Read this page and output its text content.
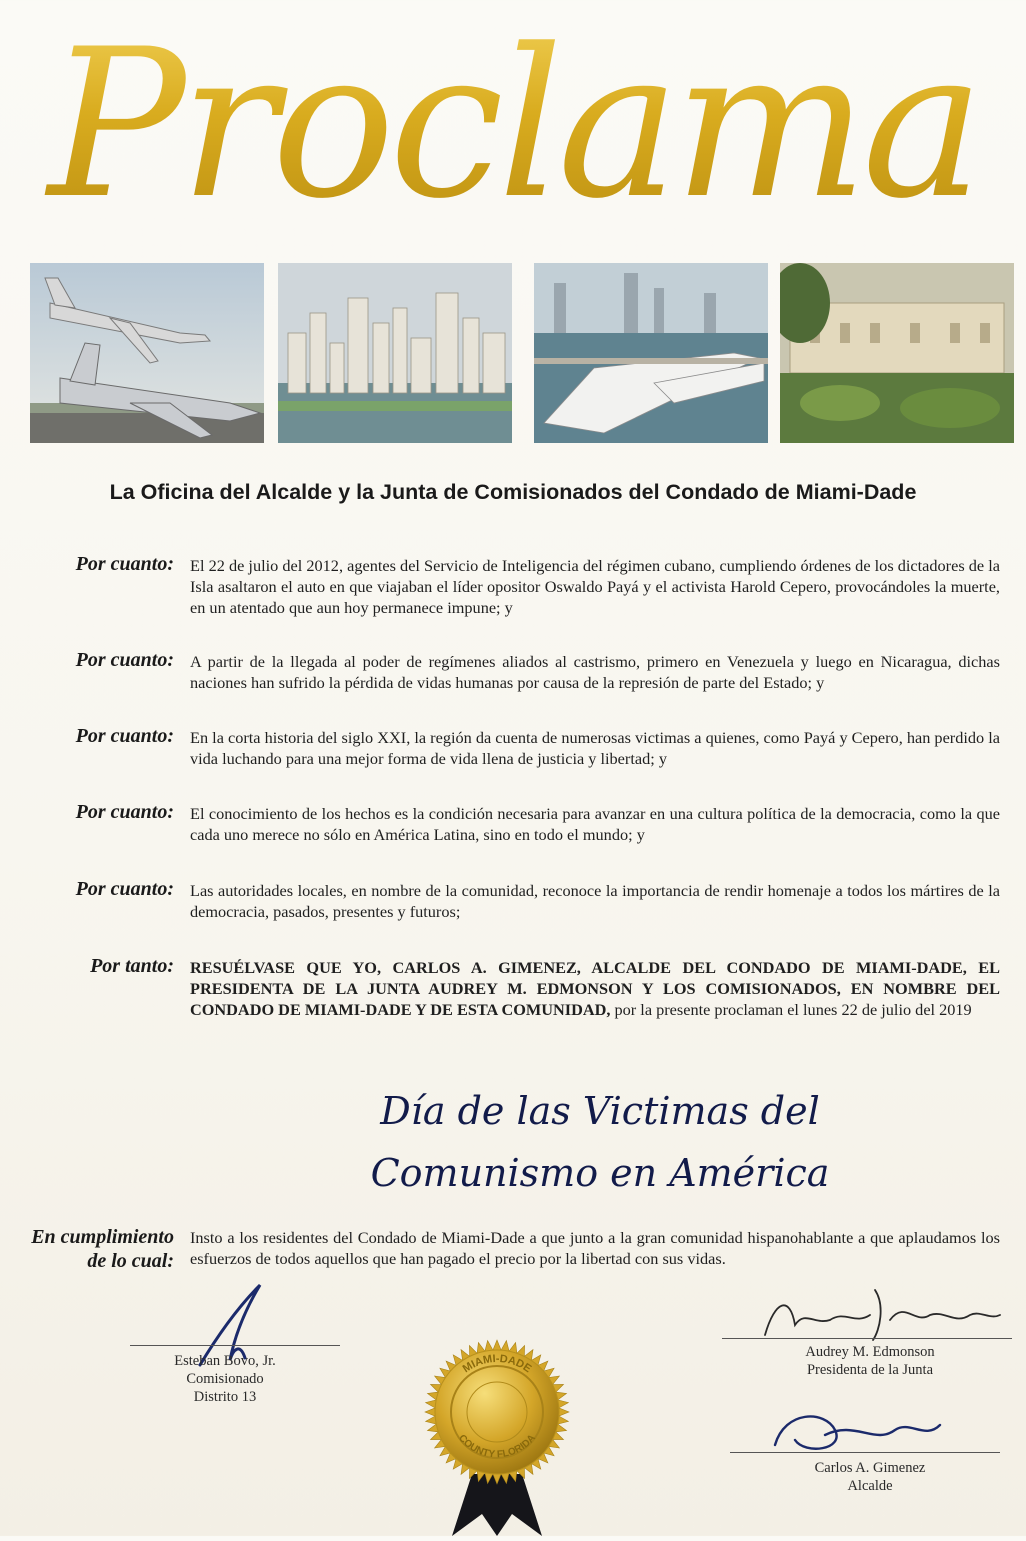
Proclama
La Oficina del Alcalde y la Junta de Comisionados del Condado de Miami-Dade
Por cuanto: El 22 de julio del 2012, agentes del Servicio de Inteligencia del régimen cubano, cumpliendo órdenes de los dictadores de la Isla asaltaron el auto en que viajaban el líder opositor Oswaldo Payá y el activista Harold Cepero, provocándoles la muerte, en un atentado que aun hoy permanece impune; y
Por cuanto: A partir de la llegada al poder de regímenes aliados al castrismo, primero en Venezuela y luego en Nicaragua, dichas naciones han sufrido la pérdida de vidas humanas por causa de la represión de parte del Estado; y
Por cuanto: En la corta historia del siglo XXI, la región da cuenta de numerosas victimas a quienes, como Payá y Cepero, han perdido la vida luchando para una mejor forma de vida llena de justicia y libertad; y
Por cuanto: El conocimiento de los hechos es la condición necesaria para avanzar en una cultura política de la democracia, como la que cada uno merece no sólo en América Latina, sino en todo el mundo; y
Por cuanto: Las autoridades locales, en nombre de la comunidad, reconoce la importancia de rendir homenaje a todos los mártires de la democracia, pasados, presentes y futuros;
Por tanto: RESUÉLVASE QUE YO, CARLOS A. GIMENEZ, ALCALDE DEL CONDADO DE MIAMI-DADE, EL PRESIDENTA DE LA JUNTA AUDREY M. EDMONSON Y LOS COMISIONADOS, EN NOMBRE DEL CONDADO DE MIAMI-DADE Y DE ESTA COMUNIDAD, por la presente proclaman el lunes 22 de julio del 2019
Día de las Victimas del
Comunismo en América
En cumplimiento
de lo cual:
Insto a los residentes del Condado de Miami-Dade a que junto a la gran comunidad hispanohablante a que aplaudamos los esfuerzos de todos aquellos que han pagado el precio por la libertad con sus vidas.
Esteban Bovo, Jr.
Comisionado
Distrito 13
Audrey M. Edmonson
Presidenta de la Junta
Carlos A. Gimenez
Alcalde
MIAMI-DADE
COUNTY FLORIDA
